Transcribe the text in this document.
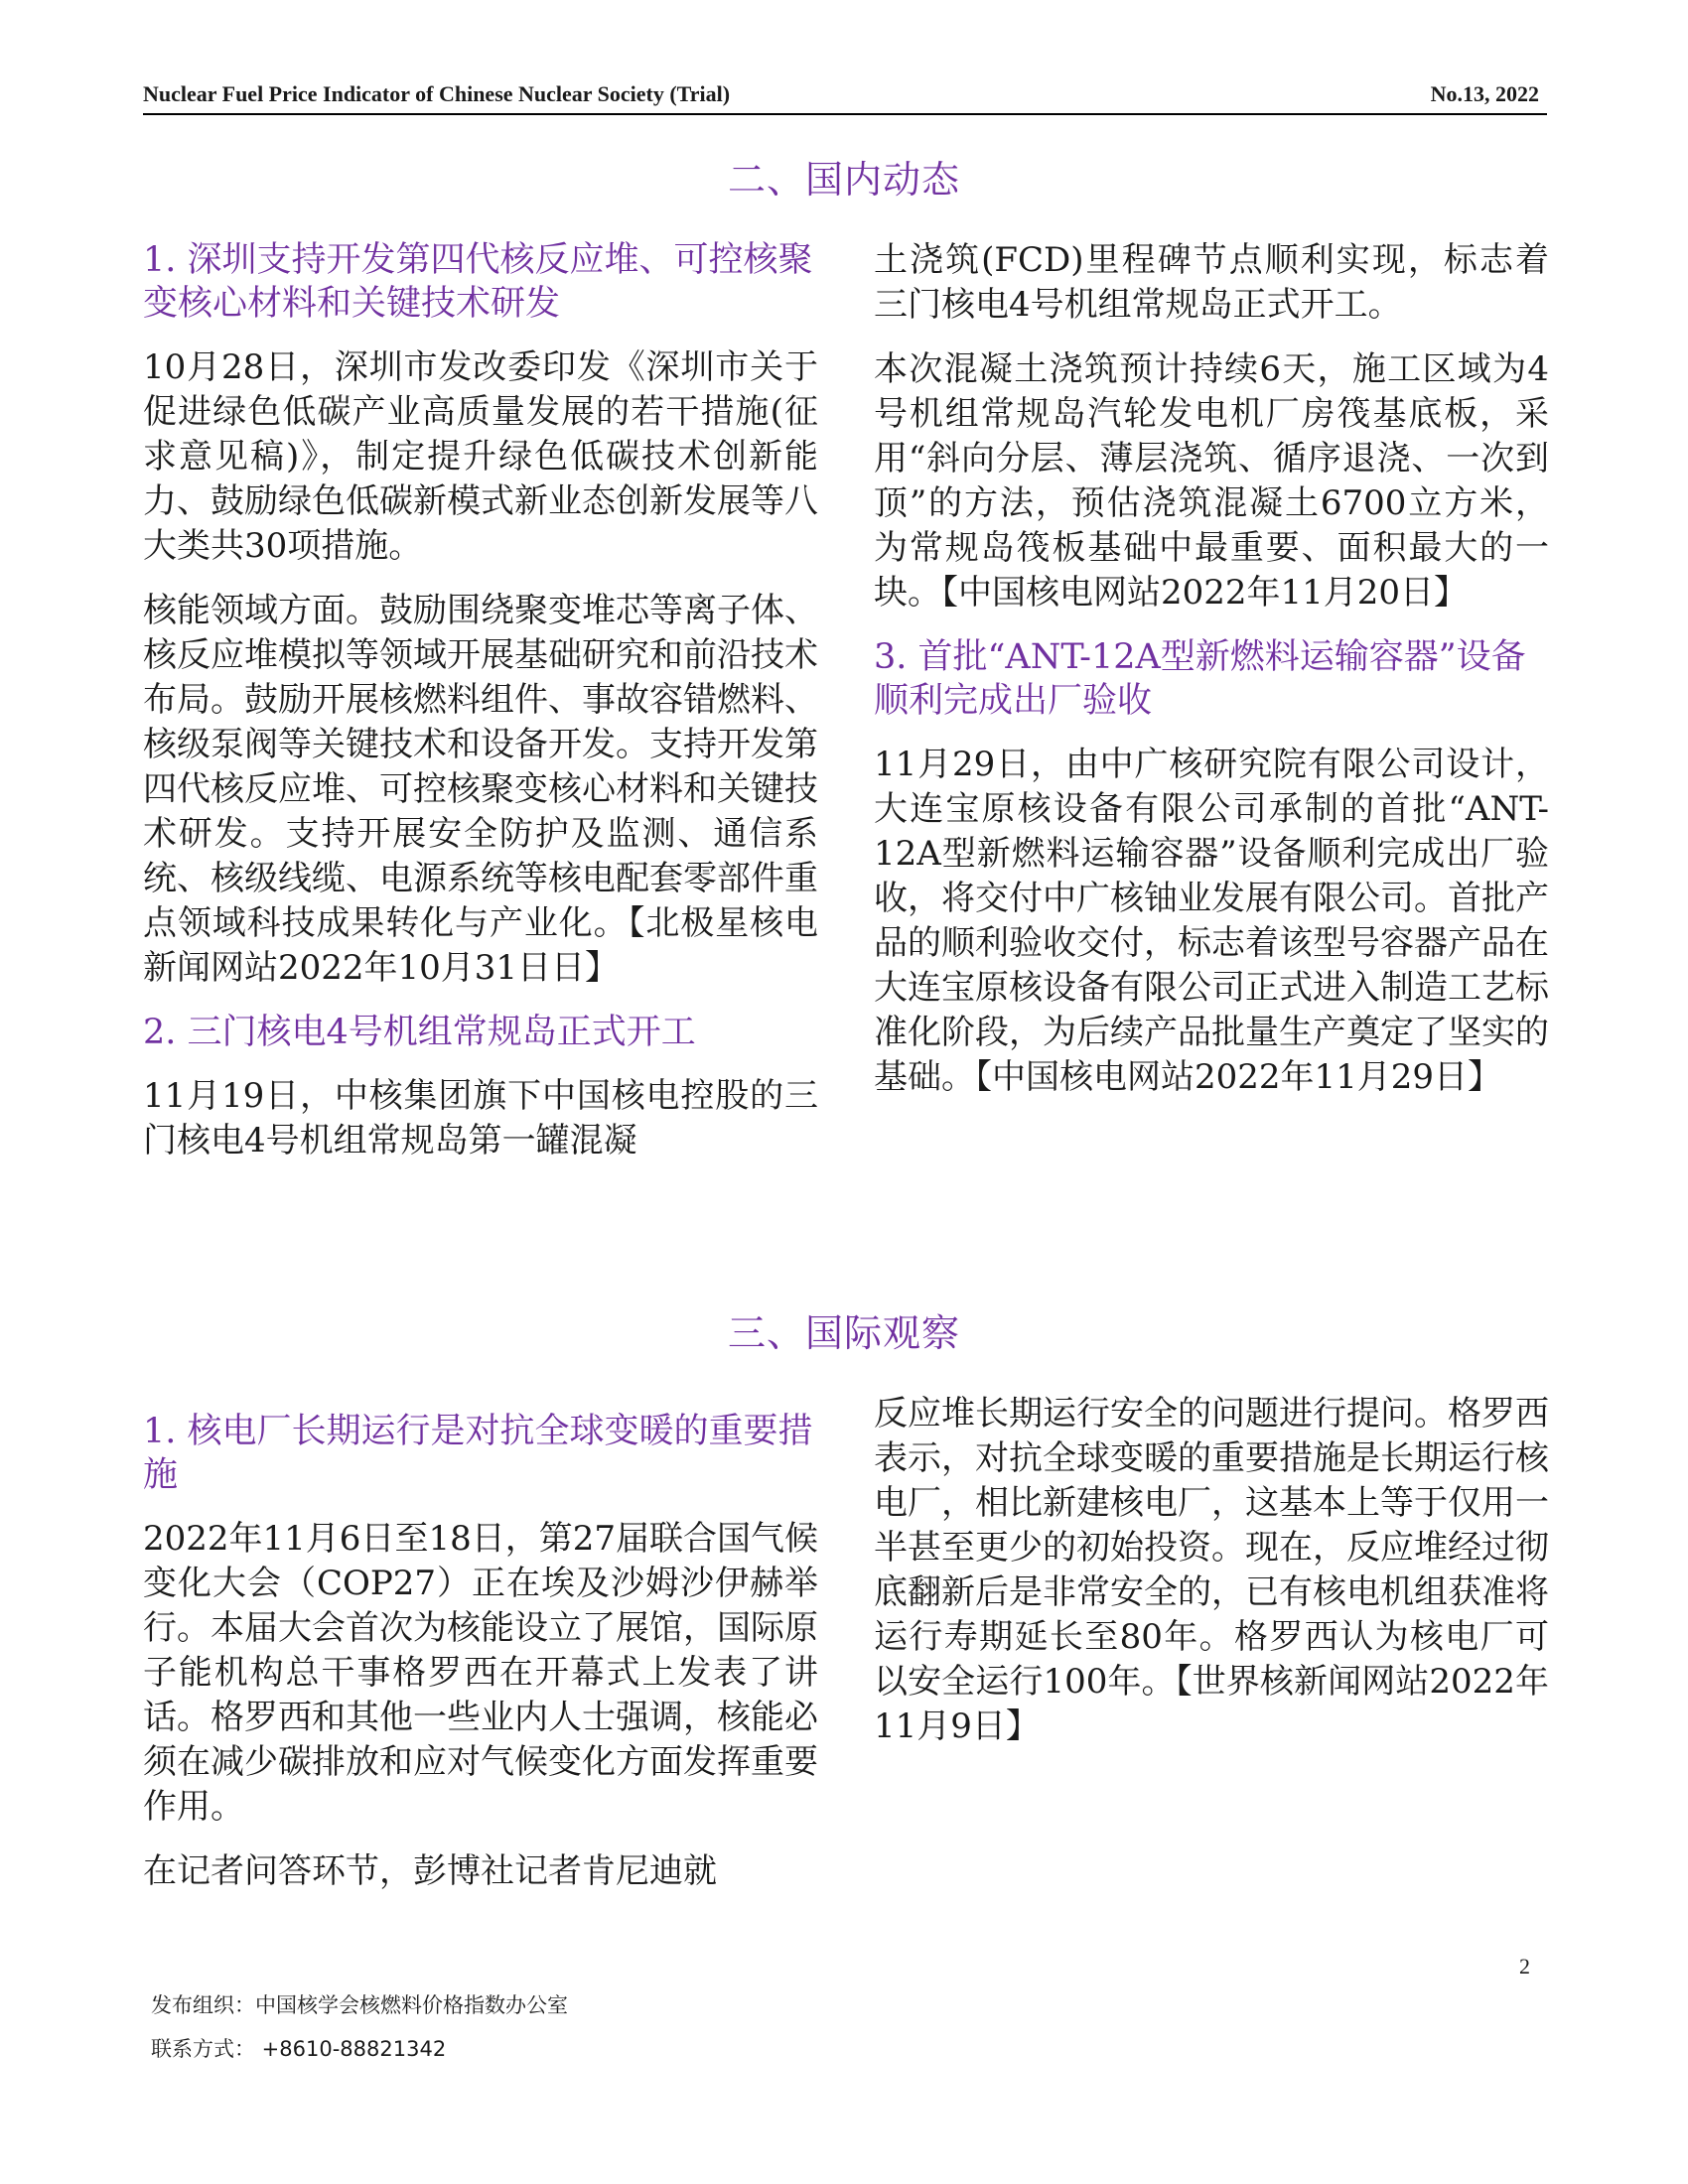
Nuclear Fuel Price Indicator of Chinese Nuclear Society (Trial)	No.13, 2022
二、国内动态
1. 深圳支持开发第四代核反应堆、可控核聚变核心材料和关键技术研发

10月28日，深圳市发改委印发《深圳市关于促进绿色低碳产业高质量发展的若干措施(征求意见稿)》，制定提升绿色低碳技术创新能力、鼓励绿色低碳新模式新业态创新发展等八大类共30项措施。

核能领域方面。鼓励围绕聚变堆芯等离子体、核反应堆模拟等领域开展基础研究和前沿技术布局。鼓励开展核燃料组件、事故容错燃料、核级泵阀等关键技术和设备开发。支持开发第四代核反应堆、可控核聚变核心材料和关键技术研发。支持开展安全防护及监测、通信系统、核级线缆、电源系统等核电配套零部件重点领域科技成果转化与产业化。【北极星核电新闻网站2022年10月31日日】

2. 三门核电4号机组常规岛正式开工

11月19日，中核集团旗下中国核电控股的三门核电4号机组常规岛第一罐混凝

土浇筑(FCD)里程碑节点顺利实现，标志着三门核电4号机组常规岛正式开工。

本次混凝土浇筑预计持续6天，施工区域为4号机组常规岛汽轮发电机厂房筏基底板，采用“斜向分层、薄层浇筑、循序退浇、一次到顶”的方法，预估浇筑混凝土6700立方米，为常规岛筏板基础中最重要、面积最大的一块。【中国核电网站2022年11月20日】

3. 首批“ANT-12A型新燃料运输容器”设备顺利完成出厂验收

11月29日，由中广核研究院有限公司设计，大连宝原核设备有限公司承制的首批“ANT-12A型新燃料运输容器”设备顺利完成出厂验收，将交付中广核铀业发展有限公司。首批产品的顺利验收交付，标志着该型号容器产品在大连宝原核设备有限公司正式进入制造工艺标准化阶段，为后续产品批量生产奠定了坚实的基础。【中国核电网站2022年11月29日】

三、国际观察
1. 核电厂长期运行是对抗全球变暖的重要措施

2022年11月6日至18日，第27届联合国气候变化大会（COP27）正在埃及沙姆沙伊赫举行。本届大会首次为核能设立了展馆，国际原子能机构总干事格罗西在开幕式上发表了讲话。格罗西和其他一些业内人士强调，核能必须在减少碳排放和应对气候变化方面发挥重要作用。

在记者问答环节，彭博社记者肯尼迪就

反应堆长期运行安全的问题进行提问。格罗西表示，对抗全球变暖的重要措施是长期运行核电厂，相比新建核电厂，这基本上等于仅用一半甚至更少的初始投资。现在，反应堆经过彻底翻新后是非常安全的，已有核电机组获准将运行寿期延长至80年。格罗西认为核电厂可以安全运行100年。【世界核新闻网站2022年11月9日】

2
发布组织：中国核学会核燃料价格指数办公室
联系方式： +8610-88821342
